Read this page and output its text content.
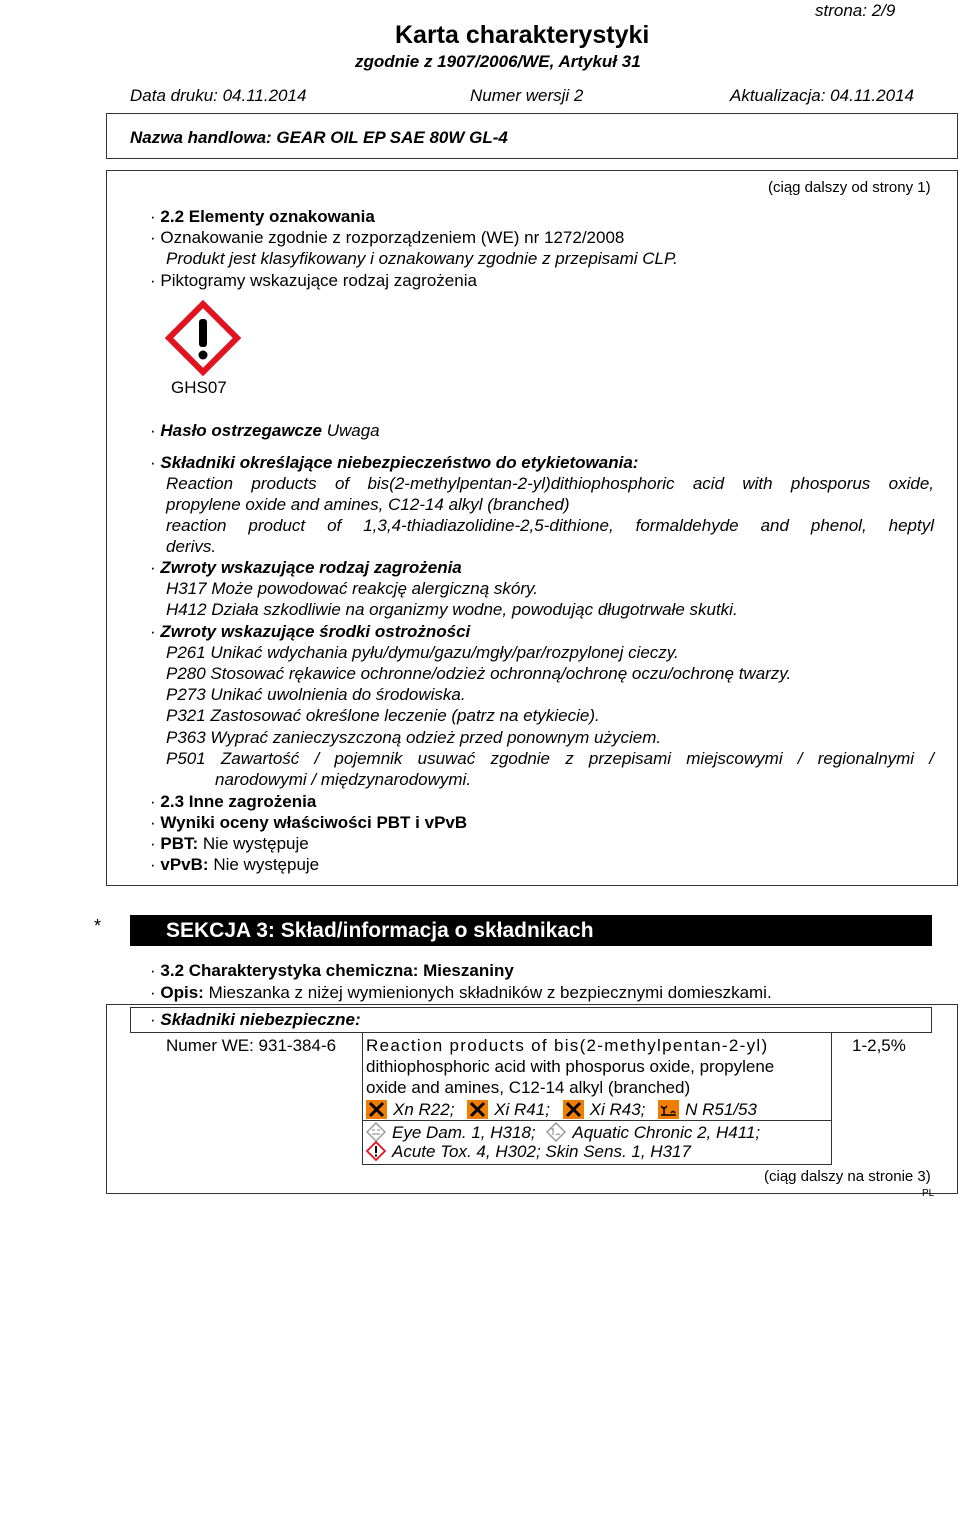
strona: 2/9
Karta charakterystyki
zgodnie z 1907/2006/WE, Artykuł 31
Data druku: 04.11.2014	Numer wersji 2	Aktualizacja: 04.11.2014
Nazwa handlowa: GEAR OIL EP SAE 80W GL-4
(ciąg dalszy od strony 1)
· 2.2 Elementy oznakowania
· Oznakowanie zgodnie z rozporządzeniem (WE) nr 1272/2008
Produkt jest klasyfikowany i oznakowany zgodnie z przepisami CLP.
· Piktogramy wskazujące rodzaj zagrożenia
GHS07
· Hasło ostrzegawcze Uwaga
· Składniki określające niebezpieczeństwo do etykietowania:
Reaction products of bis(2-methylpentan-2-yl)dithiophosphoric acid with phosporus oxide,
propylene oxide and amines, C12-14 alkyl (branched)
reaction product of 1,3,4-thiadiazolidine-2,5-dithione, formaldehyde and phenol, heptyl
derivs.
· Zwroty wskazujące rodzaj zagrożenia
H317 Może powodować reakcję alergiczną skóry.
H412 Działa szkodliwie na organizmy wodne, powodując długotrwałe skutki.
· Zwroty wskazujące środki ostrożności
P261 Unikać wdychania pyłu/dymu/gazu/mgły/par/rozpylonej cieczy.
P280 Stosować rękawice ochronne/odzież ochronną/ochronę oczu/ochronę twarzy.
P273 Unikać uwolnienia do środowiska.
P321 Zastosować określone leczenie (patrz na etykiecie).
P363 Wyprać zanieczyszczoną odzież przed ponownym użyciem.
P501 Zawartość / pojemnik usuwać zgodnie z przepisami miejscowymi / regionalnymi /
narodowymi / międzynarodowymi.
· 2.3 Inne zagrożenia
· Wyniki oceny właściwości PBT i vPvB
· PBT: Nie występuje
· vPvB: Nie występuje
*	SEKCJA 3: Skład/informacja o składnikach
· 3.2 Charakterystyka chemiczna: Mieszaniny
· Opis: Mieszanka z niżej wymienionych składników z bezpiecznymi domieszkami.
· Składniki niebezpieczne:
Numer WE: 931-384-6 Reaction products of bis(2-methylpentan-2-yl)
dithiophosphoric acid with phosporus oxide, propylene
oxide and amines, C12-14 alkyl (branched)
1-2,5%
Xn R22; Xi R41; Xi R43; N R51/53
Eye Dam. 1, H318; Aquatic Chronic 2, H411;
Acute Tox. 4, H302; Skin Sens. 1, H317
(ciąg dalszy na stronie 3)
PL
